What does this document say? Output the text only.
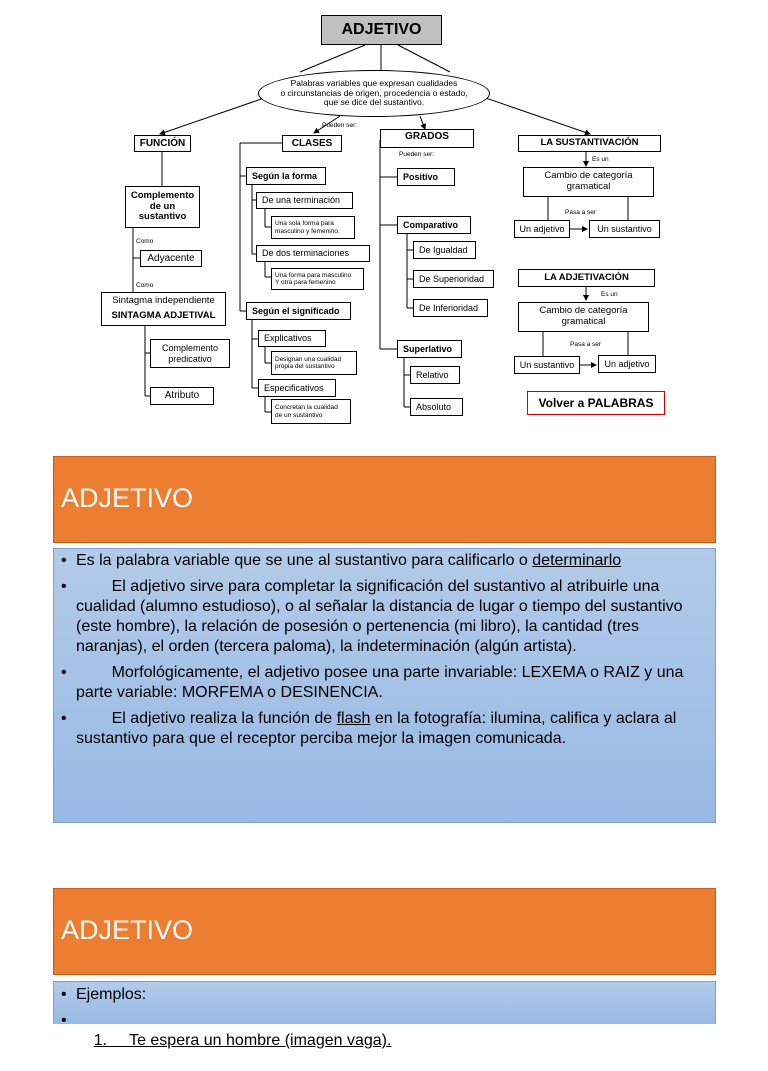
ADJETIVO
Palabras variables que expresan cualidades
o circunstancias de origen, procedencia o estado,
que se dice del sustantivo.
Pueden ser:
FUNCIÓN
Complemento
de un
sustantivo
Como
Adyacente
Como
Sintagma independiente
SINTAGMA ADJETIVAL
Complemento
predicativo
Atributo
CLASES
Según la forma
De una terminación
Una sola forma para
masculino y femenino.
De dos terminaciones
Una forma para masculino
Y otra para femenino
Según el significado
Explicativos
Designan una cualidad
propia del sustantivo
Especificativos
Concretan la cualidad
de un sustantivo
GRADOS
Pueden ser:
Positivo
Comparativo
De Igualdad
De Superioridad
De Inferioridad
Superlativo
Relativo
Absoluto
LA SUSTANTIVACIÓN
Es un
Cambio de categoría
gramatical
Pasa a ser
Un adjetivo	Un sustantivo
LA ADJETIVACIÓN
Es un
Cambio de categoría
gramatical
Pasa a ser
Un sustantivo	Un adjetivo
Volver a PALABRAS
ADJETIVO
• Es la palabra variable que se une al sustantivo para calificarlo o determinarlo
• El adjetivo sirve para completar la significación del sustantivo al atribuirle una cualidad (alumno estudioso), o al señalar la distancia de lugar o tiempo del sustantivo (este hombre), la relación de posesión o pertenencia (mi libro), la cantidad (tres naranjas), el orden (tercera paloma), la indeterminación (algún artista).
• Morfológicamente, el adjetivo posee una parte invariable: LEXEMA o RAIZ y una parte variable: MORFEMA o DESINENCIA.
• El adjetivo realiza la función de flash en la fotografía: ilumina, califica y aclara al sustantivo para que el receptor perciba mejor la imagen comunicada.
ADJETIVO
• Ejemplos:

•
1.     Te espera un hombre (imagen vaga).
